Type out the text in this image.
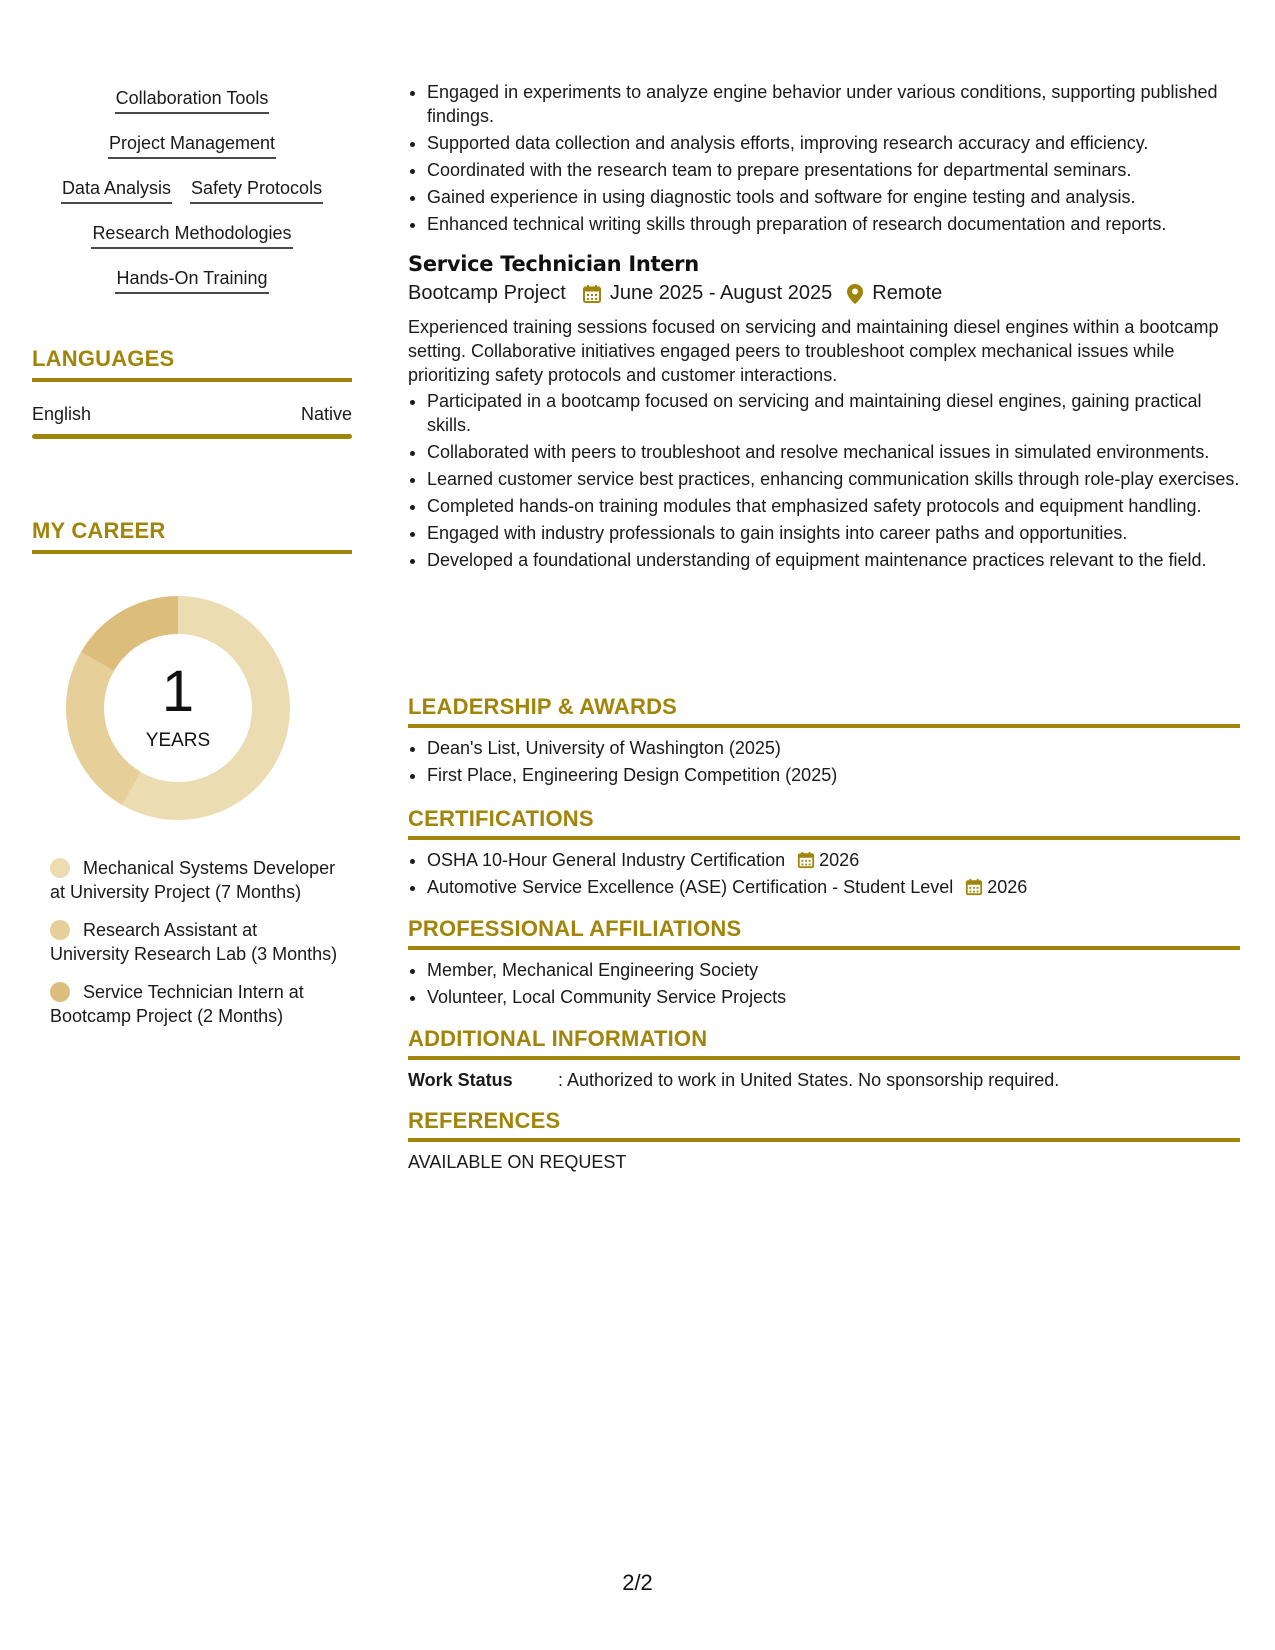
Collaboration Tools
Project Management
Data Analysis Safety Protocols
Research Methodologies
Hands-On Training
LANGUAGES
English	Native
MY CAREER
1
YEARS
Mechanical Systems Developer at University Project (7 Months)
Research Assistant at University Research Lab (3 Months)
Service Technician Intern at Bootcamp Project (2 Months)
• Engaged in experiments to analyze engine behavior under various conditions, supporting published findings.
• Supported data collection and analysis efforts, improving research accuracy and efficiency.
• Coordinated with the research team to prepare presentations for departmental seminars.
• Gained experience in using diagnostic tools and software for engine testing and analysis.
• Enhanced technical writing skills through preparation of research documentation and reports.
Service Technician Intern
Bootcamp Project June 2025 - August 2025 Remote
Experienced training sessions focused on servicing and maintaining diesel engines within a bootcamp setting. Collaborative initiatives engaged peers to troubleshoot complex mechanical issues while prioritizing safety protocols and customer interactions.
• Participated in a bootcamp focused on servicing and maintaining diesel engines, gaining practical skills.
• Collaborated with peers to troubleshoot and resolve mechanical issues in simulated environments.
• Learned customer service best practices, enhancing communication skills through role-play exercises.
• Completed hands-on training modules that emphasized safety protocols and equipment handling.
• Engaged with industry professionals to gain insights into career paths and opportunities.
• Developed a foundational understanding of equipment maintenance practices relevant to the field.
LEADERSHIP & AWARDS
• Dean's List, University of Washington (2025)
• First Place, Engineering Design Competition (2025)
CERTIFICATIONS
• OSHA 10-Hour General Industry Certification 2026
• Automotive Service Excellence (ASE) Certification - Student Level 2026
PROFESSIONAL AFFILIATIONS
• Member, Mechanical Engineering Society
• Volunteer, Local Community Service Projects
ADDITIONAL INFORMATION
Work Status	: Authorized to work in United States. No sponsorship required.
REFERENCES
AVAILABLE ON REQUEST
2/2
